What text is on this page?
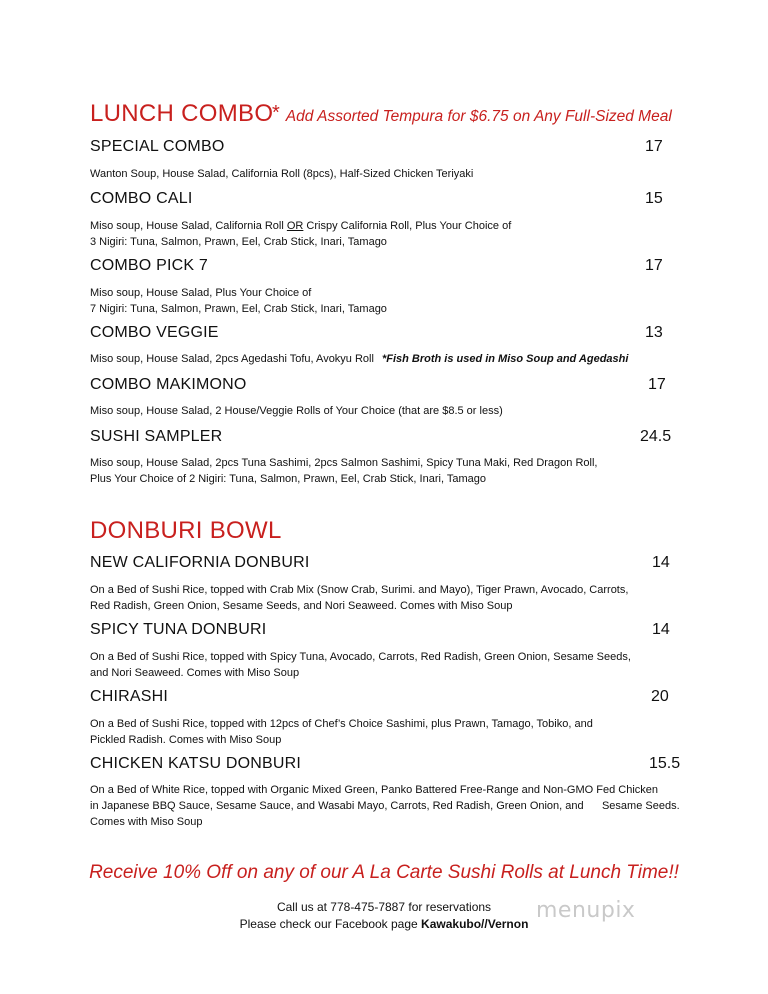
LUNCH COMBO
* Add Assorted Tempura for $6.75 on Any Full-Sized Meal
SPECIAL COMBO	17
Wanton Soup, House Salad, California Roll (8pcs), Half-Sized Chicken Teriyaki
COMBO CALI	15
Miso soup, House Salad, California Roll OR Crispy California Roll, Plus Your Choice of
3 Nigiri: Tuna, Salmon, Prawn, Eel, Crab Stick, Inari, Tamago
COMBO PICK 7	17
Miso soup, House Salad, Plus Your Choice of
7 Nigiri: Tuna, Salmon, Prawn, Eel, Crab Stick, Inari, Tamago
COMBO VEGGIE	13
Miso soup, House Salad, 2pcs Agedashi Tofu, Avokyu Roll *Fish Broth is used in Miso Soup and Agedashi
COMBO MAKIMONO	17
Miso soup, House Salad, 2 House/Veggie Rolls of Your Choice (that are $8.5 or less)
SUSHI SAMPLER	24.5
Miso soup, House Salad, 2pcs Tuna Sashimi, 2pcs Salmon Sashimi, Spicy Tuna Maki, Red Dragon Roll,
Plus Your Choice of 2 Nigiri: Tuna, Salmon, Prawn, Eel, Crab Stick, Inari, Tamago
DONBURI BOWL
NEW CALIFORNIA DONBURI	14
On a Bed of Sushi Rice, topped with Crab Mix (Snow Crab, Surimi. and Mayo), Tiger Prawn, Avocado, Carrots,
Red Radish, Green Onion, Sesame Seeds, and Nori Seaweed. Comes with Miso Soup
SPICY TUNA DONBURI	14
On a Bed of Sushi Rice, topped with Spicy Tuna, Avocado, Carrots, Red Radish, Green Onion, Sesame Seeds,
and Nori Seaweed. Comes with Miso Soup
CHIRASHI	20
On a Bed of Sushi Rice, topped with 12pcs of Chef’s Choice Sashimi, plus Prawn, Tamago, Tobiko, and
Pickled Radish. Comes with Miso Soup
CHICKEN KATSU DONBURI	15.5
On a Bed of White Rice, topped with Organic Mixed Green, Panko Battered Free-Range and Non-GMO Fed Chicken
in Japanese BBQ Sauce, Sesame Sauce, and Wasabi Mayo, Carrots, Red Radish, Green Onion, and      Sesame Seeds.
Comes with Miso Soup
Receive 10% Off on any of our A La Carte Sushi Rolls at Lunch Time!!
Call us at 778-475-7887 for reservations
Please check our Facebook page Kawakubo//Vernon
menupix
